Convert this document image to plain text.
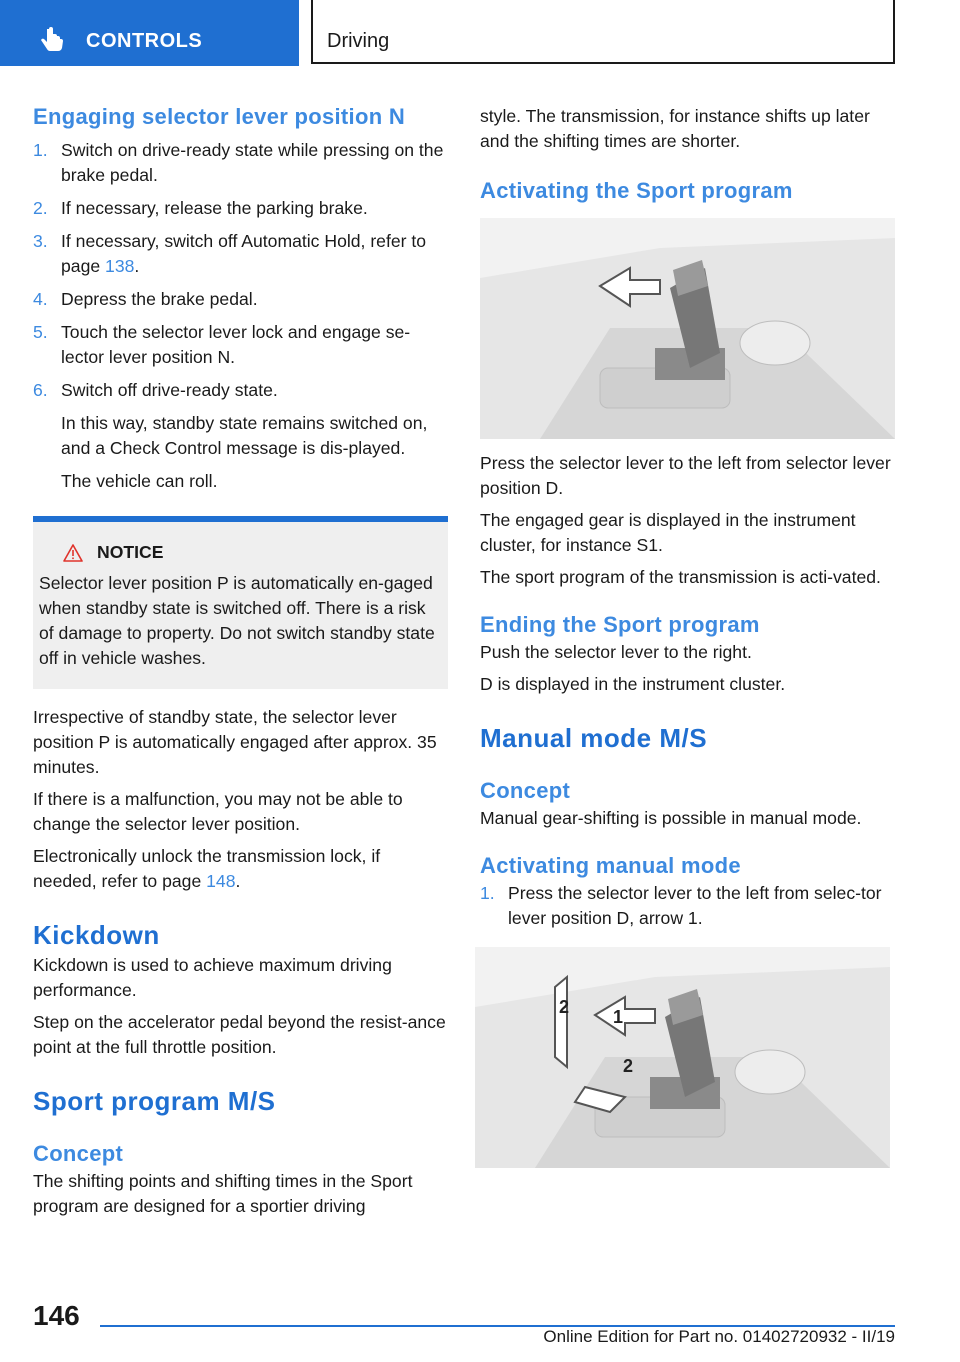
CONTROLS	Driving
Engaging selector lever position N
1. Switch on drive-ready state while pressing on the brake pedal.
2. If necessary, release the parking brake.
3. If necessary, switch off Automatic Hold, refer to page 138.
4. Depress the brake pedal.
5. Touch the selector lever lock and engage se‐lector lever position N.
6. Switch off drive-ready state.

In this way, standby state remains switched on, and a Check Control message is dis‐played.

The vehicle can roll.

NOTICE

Selector lever position P is automatically en‐gaged when standby state is switched off. There is a risk of damage to property. Do not switch standby state off in vehicle washes.

Irrespective of standby state, the selector lever position P is automatically engaged after approx. 35 minutes.

If there is a malfunction, you may not be able to change the selector lever position.

Electronically unlock the transmission lock, if needed, refer to page 148.

Kickdown

Kickdown is used to achieve maximum driving performance.

Step on the accelerator pedal beyond the resist‐ance point at the full throttle position.

Sport program M/S
Concept

The shifting points and shifting times in the Sport program are designed for a sportier driving

style. The transmission, for instance shifts up later and the shifting times are shorter.

Activating the Sport program

Press the selector lever to the left from selector lever position D.

The engaged gear is displayed in the instrument cluster, for instance S1.

The sport program of the transmission is acti‐vated.

Ending the Sport program

Push the selector lever to the right.

D is displayed in the instrument cluster.

Manual mode M/S
Concept

Manual gear-shifting is possible in manual mode.

Activating manual mode
1. Press the selector lever to the left from selec‐tor lever position D, arrow 1.
2 1
2
146
Online Edition for Part no. 01402720932 - II/19
